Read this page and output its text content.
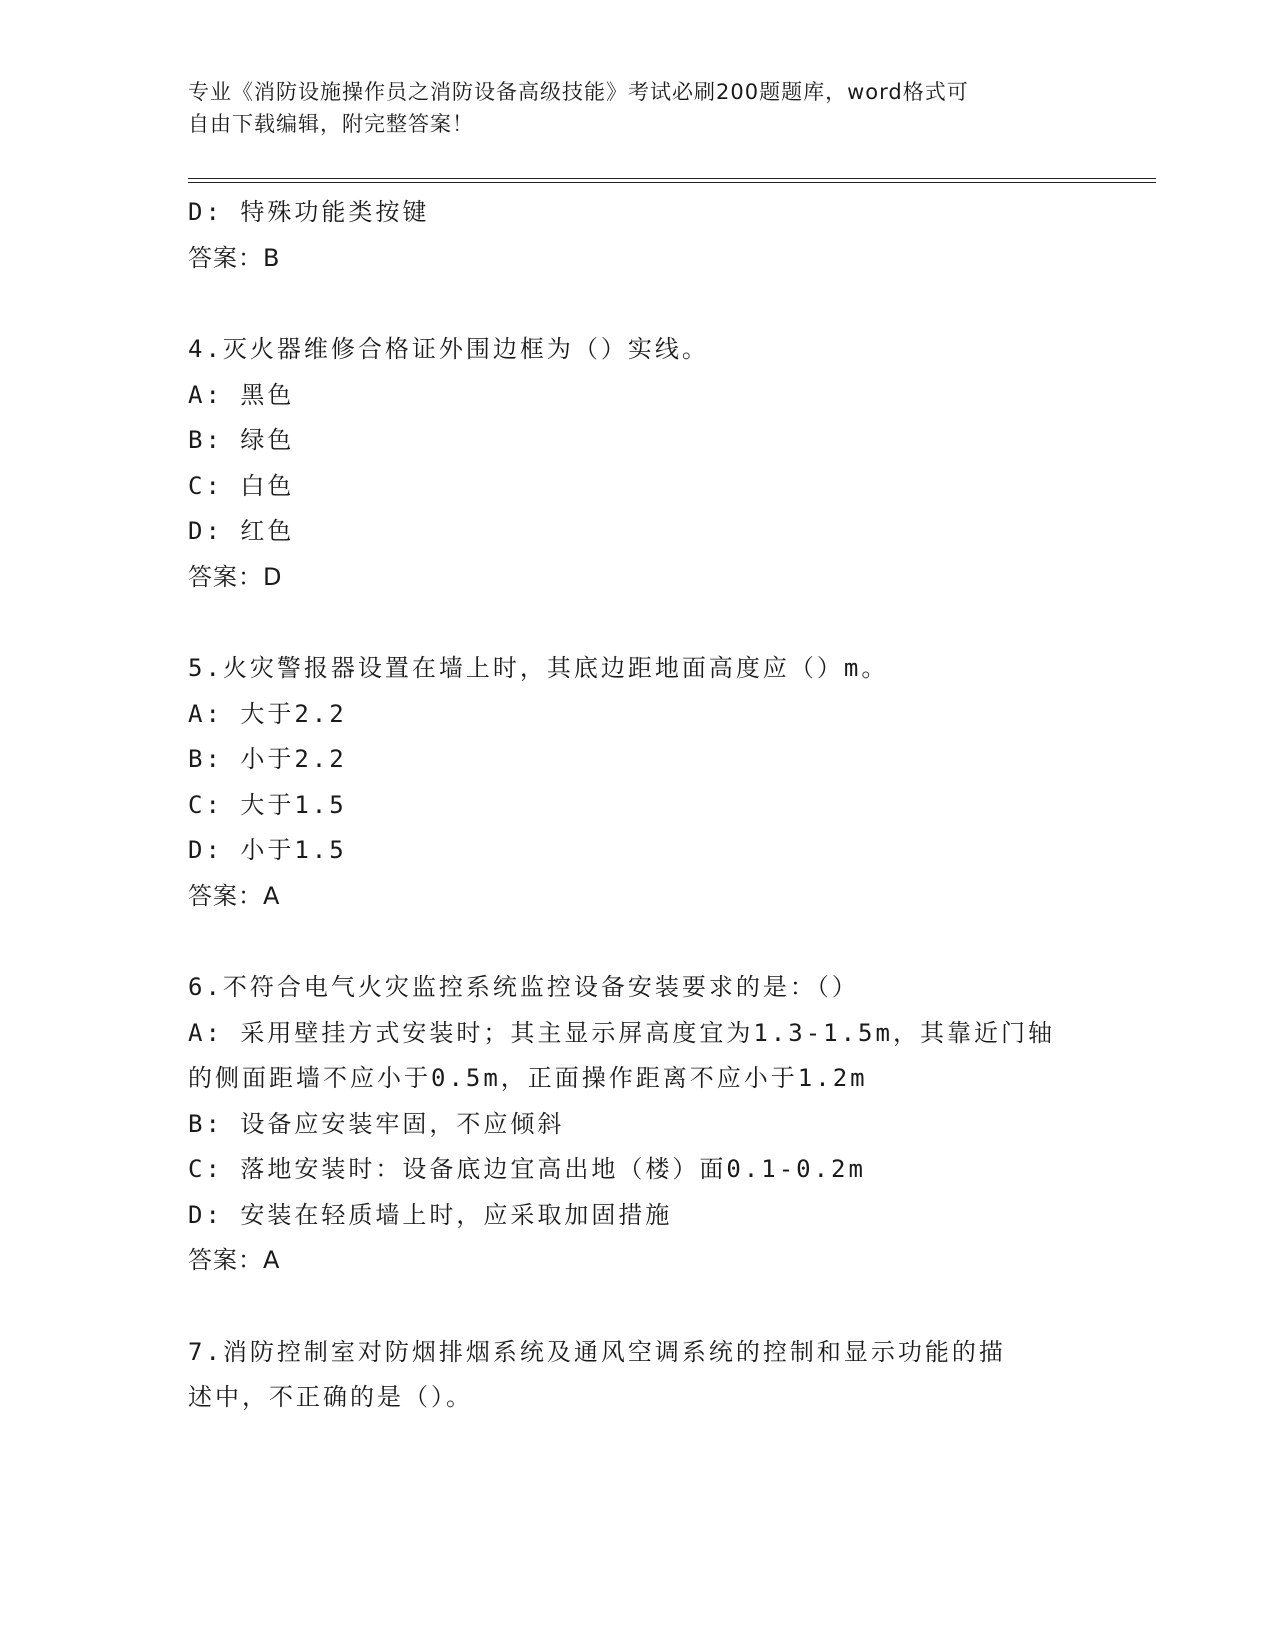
专业《消防设施操作员之消防设备高级技能》考试必刷200题题库，word格式可
自由下载编辑，附完整答案！

D: 特殊功能类按键

答案：B

4.灭火器维修合格证外围边框为（）实线。

A: 黑色

B: 绿色

C: 白色

D: 红色

答案：D

5.火灾警报器设置在墙上时，其底边距地面高度应（）m。

A: 大于2.2

B: 小于2.2

C: 大于1.5

D: 小于1.5

答案：A

6.不符合电气火灾监控系统监控设备安装要求的是：（）

A: 采用壁挂方式安装时；其主显示屏高度宜为1.3-1.5m，其靠近门轴

的侧面距墙不应小于0.5m，正面操作距离不应小于1.2m

B: 设备应安装牢固，不应倾斜

C: 落地安装时：设备底边宜高出地（楼）面0.1-0.2m

D: 安装在轻质墙上时，应采取加固措施

答案：A

7.消防控制室对防烟排烟系统及通风空调系统的控制和显示功能的描

述中，不正确的是（）。
